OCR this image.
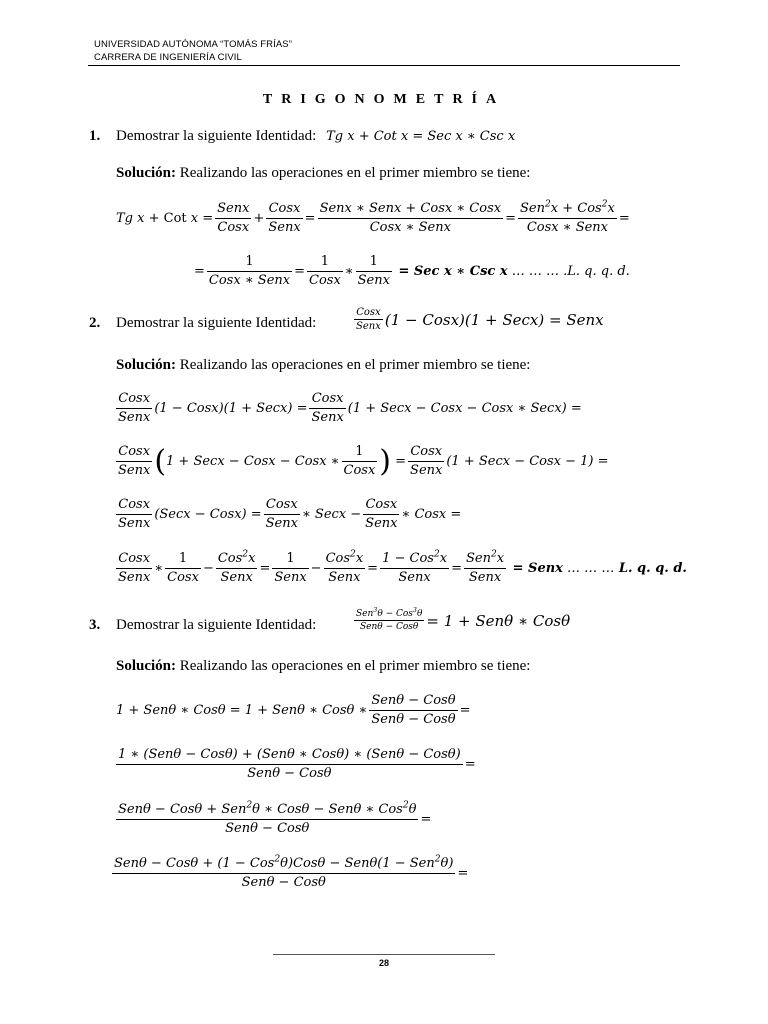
UNIVERSIDAD AUTÓNOMA “TOMÁS FRÍAS”
CARRERA DE INGENIERÍA CIVIL
TRIGONOMETRÍA
1. Demostrar la siguiente Identidad: Tg x + Cot x = Sec x ∗ Csc x
Solución: Realizando las operaciones en el primer miembro se tiene:
Tg x + Cot x =
Senx
Cosx
+
Cosx
Senx
=
Senx ∗ Senx + Cosx ∗ Cosx
Cosx ∗ Senx
=
Sen$^2$x + Cos$^2$x
Cosx ∗ Senx
=
=
1
Cosx ∗ Senx
=
1
Cosx
∗
1
Senx
= Sec x ∗ Csc x … … … .L. q. q. d.
2. Demostrar la siguiente Identidad:
Cosx
Senx (1 − Cosx)(1 + Secx) = Senx
Solución: Realizando las operaciones en el primer miembro se tiene:
Cosx
Senx
(1 − Cosx)(1 + Secx) =
Cosx
Senx
(1 + Secx − Cosx − Cosx ∗ Secx) =
Cosx
Senx ( 1 + Secx − Cosx − Cosx ∗
1
Cosx ) =
Cosx
Senx
(1 + Secx − Cosx − 1) =
Cosx
Senx
(Secx − Cosx) =
Cosx
Senx
∗ Secx −
Cosx
Senx
∗ Cosx =
Cosx
Senx
∗
1
Cosx
−
Cos$^2$x
Senx
=
1
Senx
−
Cos$^2$x
Senx
=
1 − Cos$^2$x
Senx
=
Sen$^2$x
Senx
= Senx … … … L. q. q. d.
3. Demostrar la siguiente Identidad:
Sen$^3$θ − Cos$^3$θ
Senθ − Cosθ = 1 + Senθ ∗ Cosθ
Solución: Realizando las operaciones en el primer miembro se tiene:
1 + Senθ ∗ Cosθ = 1 + Senθ ∗ Cosθ ∗
Senθ − Cosθ
Senθ − Cosθ
=
1 ∗ (Senθ − Cosθ) + (Senθ ∗ Cosθ) ∗ (Senθ − Cosθ)
Senθ − Cosθ
=
Senθ − Cosθ + Sen$^2$θ ∗ Cosθ − Senθ ∗ Cos$^2$θ
Senθ − Cosθ
=
Senθ − Cosθ + (1 − Cos$^2$θ)Cosθ − Senθ(1 − Sen$^2$θ)
Senθ − Cosθ
=
28
